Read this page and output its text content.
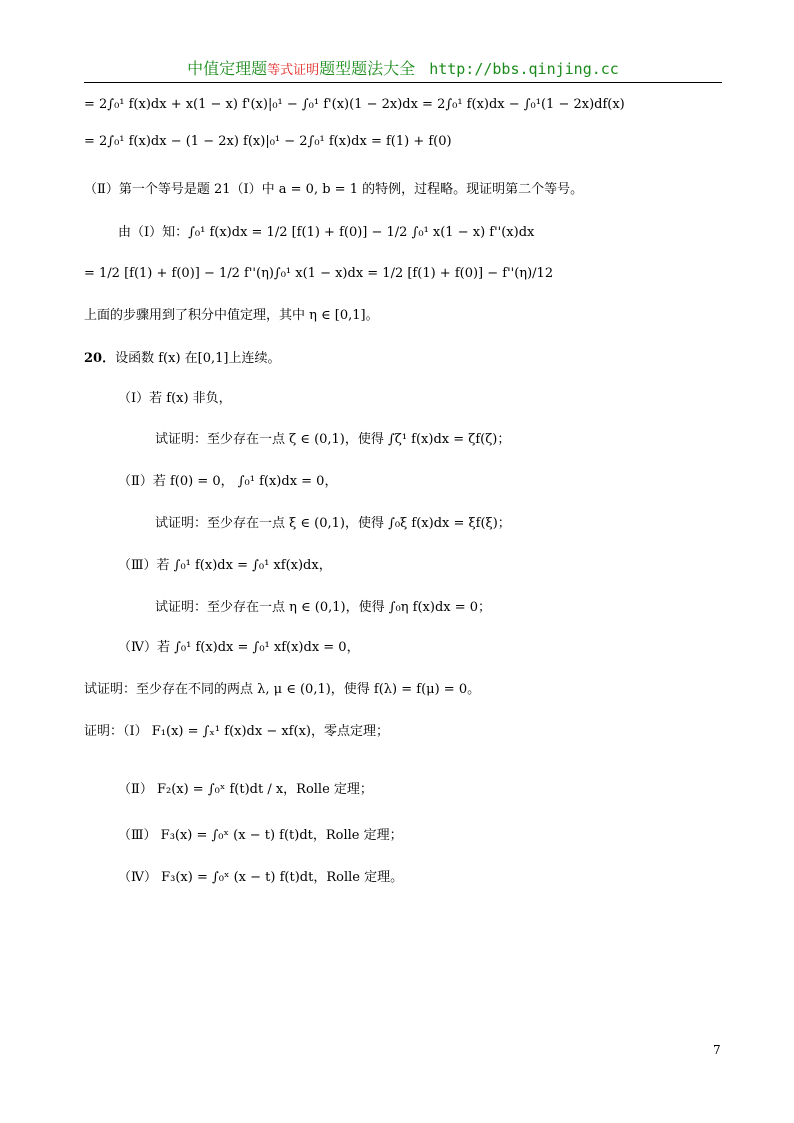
中值定理题等式证明题型题法大全 http://bbs.qinjing.cc
= 2∫₀¹ f(x)dx + x(1 − x) f'(x)|₀¹ − ∫₀¹ f'(x)(1 − 2x)dx = 2∫₀¹ f(x)dx − ∫₀¹(1 − 2x)df(x)
= 2∫₀¹ f(x)dx − (1 − 2x) f(x)|₀¹ − 2∫₀¹ f(x)dx = f(1) + f(0)
（Ⅱ）第一个等号是题 21（Ⅰ）中 a = 0, b = 1 的特例，过程略。现证明第二个等号。
由（Ⅰ）知：∫₀¹ f(x)dx = 1/2 [f(1) + f(0)] − 1/2 ∫₀¹ x(1 − x) f''(x)dx
= 1/2 [f(1) + f(0)] − 1/2 f''(η)∫₀¹ x(1 − x)dx = 1/2 [f(1) + f(0)] − f''(η)/12
上面的步骤用到了积分中值定理，其中 η ∈ [0,1]。
20．设函数 f(x) 在[0,1]上连续。
（Ⅰ）若 f(x) 非负，
试证明：至少存在一点 ζ ∈ (0,1)，使得 ∫ζ¹ f(x)dx = ζf(ζ)；
（Ⅱ）若 f(0) = 0， ∫₀¹ f(x)dx = 0，
试证明：至少存在一点 ξ ∈ (0,1)，使得 ∫₀ξ f(x)dx = ξf(ξ)；
（Ⅲ）若 ∫₀¹ f(x)dx = ∫₀¹ xf(x)dx，
试证明：至少存在一点 η ∈ (0,1)，使得 ∫₀η f(x)dx = 0；
（Ⅳ）若 ∫₀¹ f(x)dx = ∫₀¹ xf(x)dx = 0，
试证明：至少存在不同的两点 λ, μ ∈ (0,1)，使得 f(λ) = f(μ) = 0。
证明：（Ⅰ） F₁(x) = ∫ₓ¹ f(x)dx − xf(x)，零点定理；
（Ⅱ） F₂(x) = ∫₀ˣ f(t)dt / x，Rolle 定理；
（Ⅲ） F₃(x) = ∫₀ˣ (x − t) f(t)dt，Rolle 定理；
（Ⅳ） F₃(x) = ∫₀ˣ (x − t) f(t)dt，Rolle 定理。
7
